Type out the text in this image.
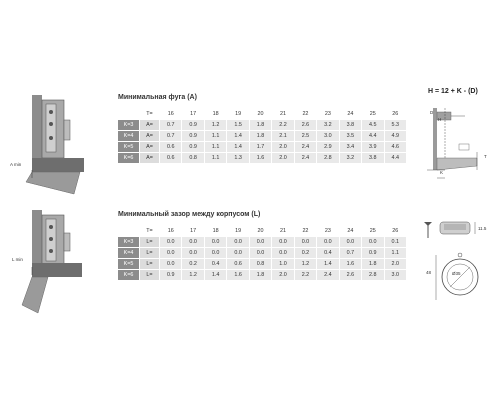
A min
L min
Минимальная фуга (A)
	T=	16	17	18	19	20	21	22	23	24	25	26
K=3	A=	0.7	0.9	1.2	1.5	1.8	2.2	2.6	3.2	3.8	4.5	5.3
K=4	A=	0.7	0.9	1.1	1.4	1.8	2.1	2.5	3.0	3.5	4.4	4.9
K=5	A=	0.6	0.9	1.1	1.4	1.7	2.0	2.4	2.9	3.4	3.9	4.6
K=6	A=	0.6	0.8	1.1	1.3	1.6	2.0	2.4	2.8	3.2	3.8	4.4
Минимальный зазор между корпусом (L)
	T=	16	17	18	19	20	21	22	23	24	25	26
K=3	L=	0.0	0.0	0.0	0.0	0.0	0.0	0.0	0.0	0.0	0.0	0.1
K=4	L=	0.0	0.0	0.0	0.0	0.0	0.0	0.2	0.4	0.7	0.9	1.1
K=5	L=	0.0	0.2	0.4	0.6	0.8	1.0	1.2	1.4	1.6	1.8	2.0
K=6	L=	0.9	1.2	1.4	1.6	1.8	2.0	2.2	2.4	2.6	2.8	3.0
H = 12 + K - (D)
H
D
K
T
11.5
48	Ø35
